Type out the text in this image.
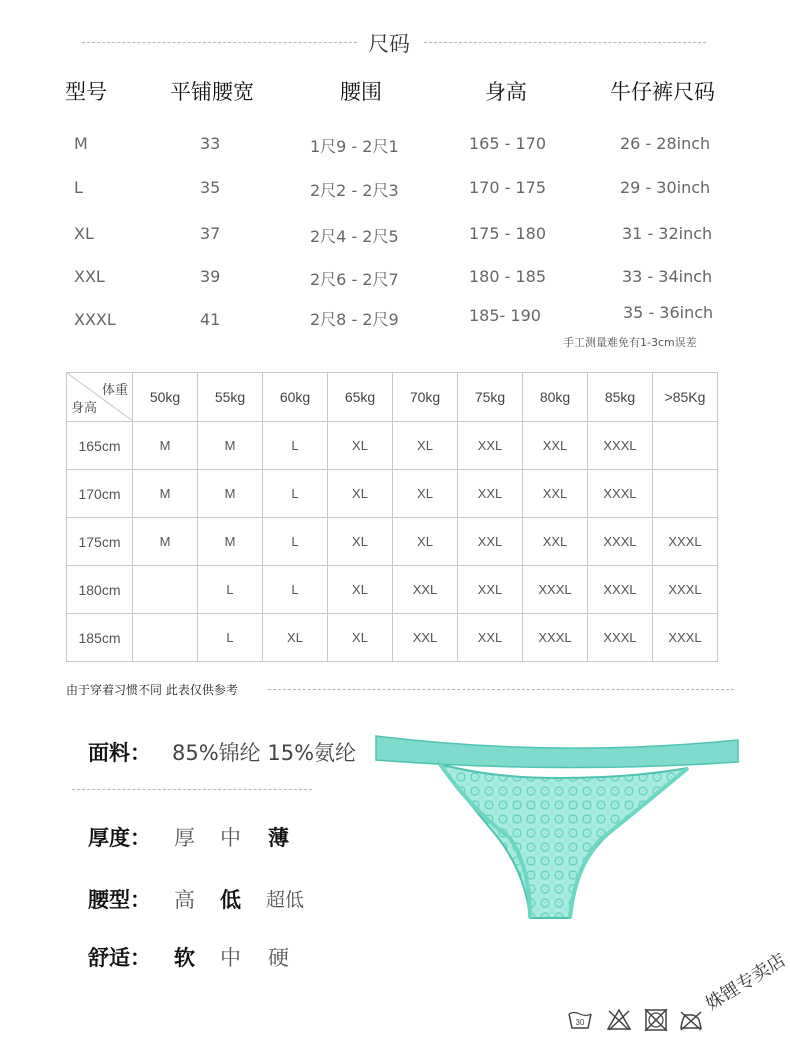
尺码
型号	平铺腰宽	腰围	身高	牛仔裤尺码
M	33	1尺9 - 2尺1	165 - 170	26 - 28inch
L	35	2尺2 - 2尺3	170 - 175	29 - 30inch
XL	37	2尺4 - 2尺5	175 - 180	31 - 32inch
XXL	39	2尺6 - 2尺7	180 - 185	33 - 34inch
XXXL	41	2尺8 - 2尺9	185- 190	35 - 36inch
手工测量难免有1-3cm误差
体重
身高	50kg	55kg	60kg	65kg	70kg	75kg	80kg	85kg	>85Kg
165cm	M	M	L	XL	XL	XXL	XXL	XXXL	
170cm	M	M	L	XL	XL	XXL	XXL	XXXL	
175cm	M	M	L	XL	XL	XXL	XXL	XXXL	XXXL
180cm		L	L	XL	XXL	XXL	XXXL	XXXL	XXXL
185cm		L	XL	XL	XXL	XXL	XXXL	XXXL	XXXL
由于穿着习惯不同 此表仅供参考
面料： 85%锦纶 15%氨纶
厚度： 厚 中 薄
腰型： 高 低 超低
舒适： 软 中 硬
30
姝锂专卖店
